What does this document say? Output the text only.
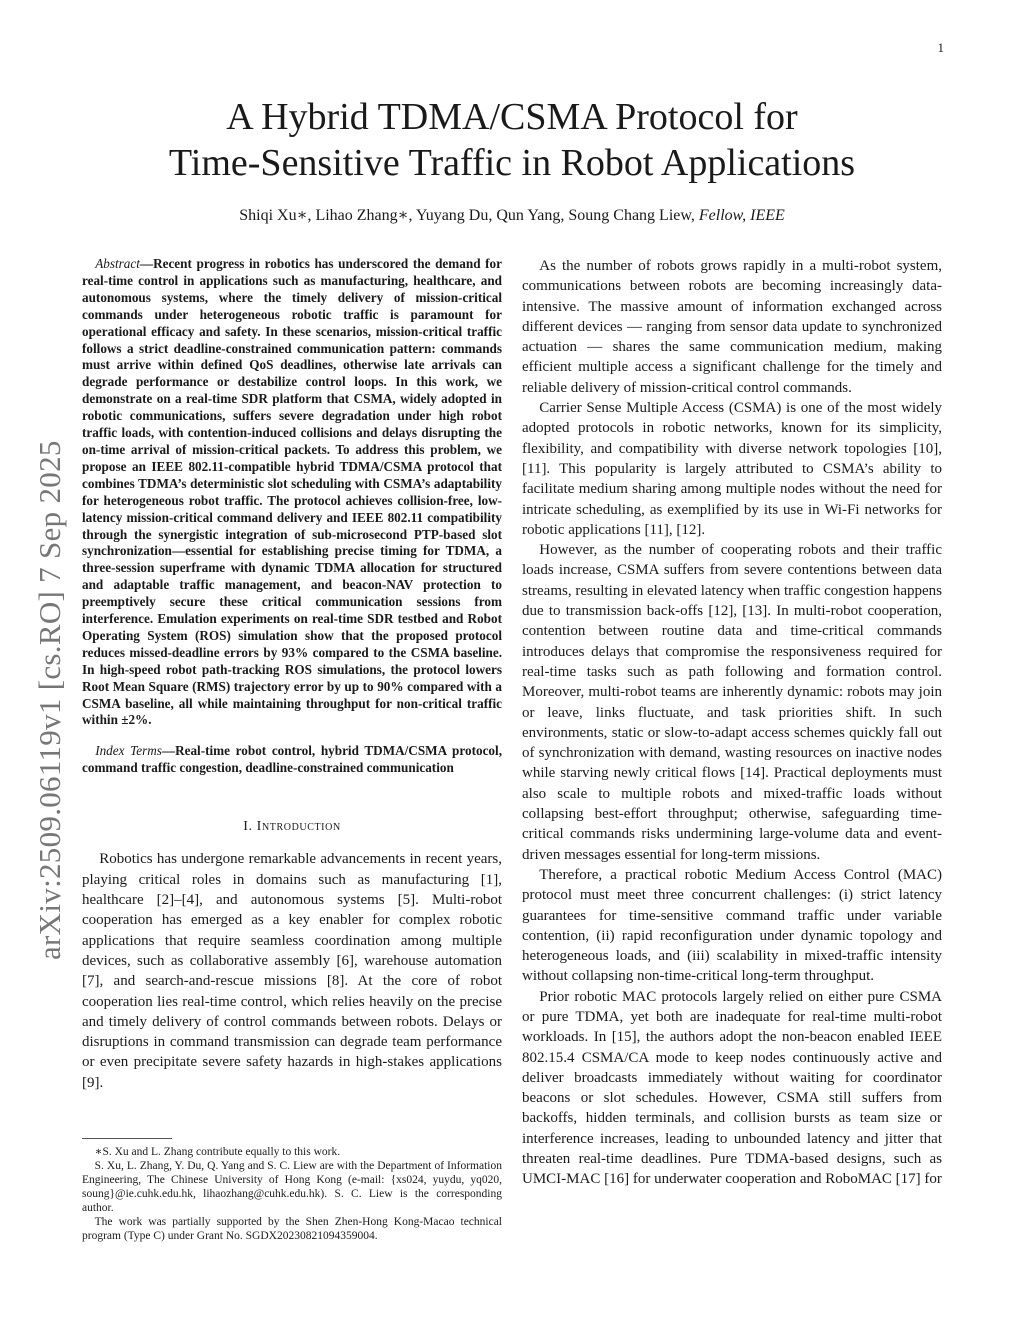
1
arXiv:2509.06119v1 [cs.RO] 7 Sep 2025
A Hybrid TDMA/CSMA Protocol for
Time-Sensitive Traffic in Robot Applications
Shiqi Xu∗, Lihao Zhang∗, Yuyang Du, Qun Yang, Soung Chang Liew, Fellow, IEEE

Abstract—Recent progress in robotics has underscored the demand for real-time control in applications such as manufacturing, healthcare, and autonomous systems, where the timely delivery of mission-critical commands under heterogeneous robotic traffic is paramount for operational efficacy and safety. In these scenarios, mission-critical traffic follows a strict deadline-constrained communication pattern: commands must arrive within defined QoS deadlines, otherwise late arrivals can degrade performance or destabilize control loops. In this work, we demonstrate on a real-time SDR platform that CSMA, widely adopted in robotic communications, suffers severe degradation under high robot traffic loads, with contention-induced collisions and delays disrupting the on-time arrival of mission-critical packets. To address this problem, we propose an IEEE 802.11-compatible hybrid TDMA/CSMA protocol that combines TDMA’s deterministic slot scheduling with CSMA’s adaptability for heterogeneous robot traffic. The protocol achieves collision-free, low-latency mission-critical command delivery and IEEE 802.11 compatibility through the synergistic integration of sub-microsecond PTP-based slot synchronization—essential for establishing precise timing for TDMA, a three-session superframe with dynamic TDMA allocation for structured and adaptable traffic management, and beacon-NAV protection to preemptively secure these critical communication sessions from interference. Emulation experiments on real-time SDR testbed and Robot Operating System (ROS) simulation show that the proposed protocol reduces missed-deadline errors by 93% compared to the CSMA baseline. In high-speed robot path-tracking ROS simulations, the protocol lowers Root Mean Square (RMS) trajectory error by up to 90% compared with a CSMA baseline, all while maintaining throughput for non-critical traffic within ±2%.

Index Terms—Real-time robot control, hybrid TDMA/CSMA protocol, command traffic congestion, deadline-constrained communication

I. Introduction

Robotics has undergone remarkable advancements in recent years, playing critical roles in domains such as manufacturing [1], healthcare [2]–[4], and autonomous systems [5]. Multi-robot cooperation has emerged as a key enabler for complex robotic applications that require seamless coordination among multiple devices, such as collaborative assembly [6], warehouse automation [7], and search-and-rescue missions [8]. At the core of robot cooperation lies real-time control, which relies heavily on the precise and timely delivery of control commands between robots. Delays or disruptions in command transmission can degrade team performance or even precipitate severe safety hazards in high-stakes applications [9].

∗S. Xu and L. Zhang contribute equally to this work.

S. Xu, L. Zhang, Y. Du, Q. Yang and S. C. Liew are with the Department of Information Engineering, The Chinese University of Hong Kong (e-mail: {xs024, yuydu, yq020, soung}@ie.cuhk.edu.hk, lihaozhang@cuhk.edu.hk). S. C. Liew is the corresponding author.

The work was partially supported by the Shen Zhen-Hong Kong-Macao technical program (Type C) under Grant No. SGDX20230821094359004.

As the number of robots grows rapidly in a multi-robot system, communications between robots are becoming increasingly data-intensive. The massive amount of information exchanged across different devices — ranging from sensor data update to synchronized actuation — shares the same communication medium, making efficient multiple access a significant challenge for the timely and reliable delivery of mission-critical control commands.

Carrier Sense Multiple Access (CSMA) is one of the most widely adopted protocols in robotic networks, known for its simplicity, flexibility, and compatibility with diverse network topologies [10], [11]. This popularity is largely attributed to CSMA’s ability to facilitate medium sharing among multiple nodes without the need for intricate scheduling, as exemplified by its use in Wi-Fi networks for robotic applications [11], [12].

However, as the number of cooperating robots and their traffic loads increase, CSMA suffers from severe contentions between data streams, resulting in elevated latency when traffic congestion happens due to transmission back-offs [12], [13]. In multi-robot cooperation, contention between routine data and time-critical commands introduces delays that compromise the responsiveness required for real-time tasks such as path following and formation control. Moreover, multi-robot teams are inherently dynamic: robots may join or leave, links fluctuate, and task priorities shift. In such environments, static or slow-to-adapt access schemes quickly fall out of synchronization with demand, wasting resources on inactive nodes while starving newly critical flows [14]. Practical deployments must also scale to multiple robots and mixed-traffic loads without collapsing best-effort throughput; otherwise, safeguarding time-critical commands risks undermining large-volume data and event-driven messages essential for long-term missions.

Therefore, a practical robotic Medium Access Control (MAC) protocol must meet three concurrent challenges: (i) strict latency guarantees for time-sensitive command traffic under variable contention, (ii) rapid reconfiguration under dynamic topology and heterogeneous loads, and (iii) scalability in mixed-traffic intensity without collapsing non-time-critical long-term throughput.

Prior robotic MAC protocols largely relied on either pure CSMA or pure TDMA, yet both are inadequate for real-time multi-robot workloads. In [15], the authors adopt the non-beacon enabled IEEE 802.15.4 CSMA/CA mode to keep nodes continuously active and deliver broadcasts immediately without waiting for coordinator beacons or slot schedules. However, CSMA still suffers from backoffs, hidden terminals, and collision bursts as team size or interference increases, leading to unbounded latency and jitter that threaten real-time deadlines. Pure TDMA-based designs, such as UMCI-MAC [16] for underwater cooperation and RoboMAC [17] for
